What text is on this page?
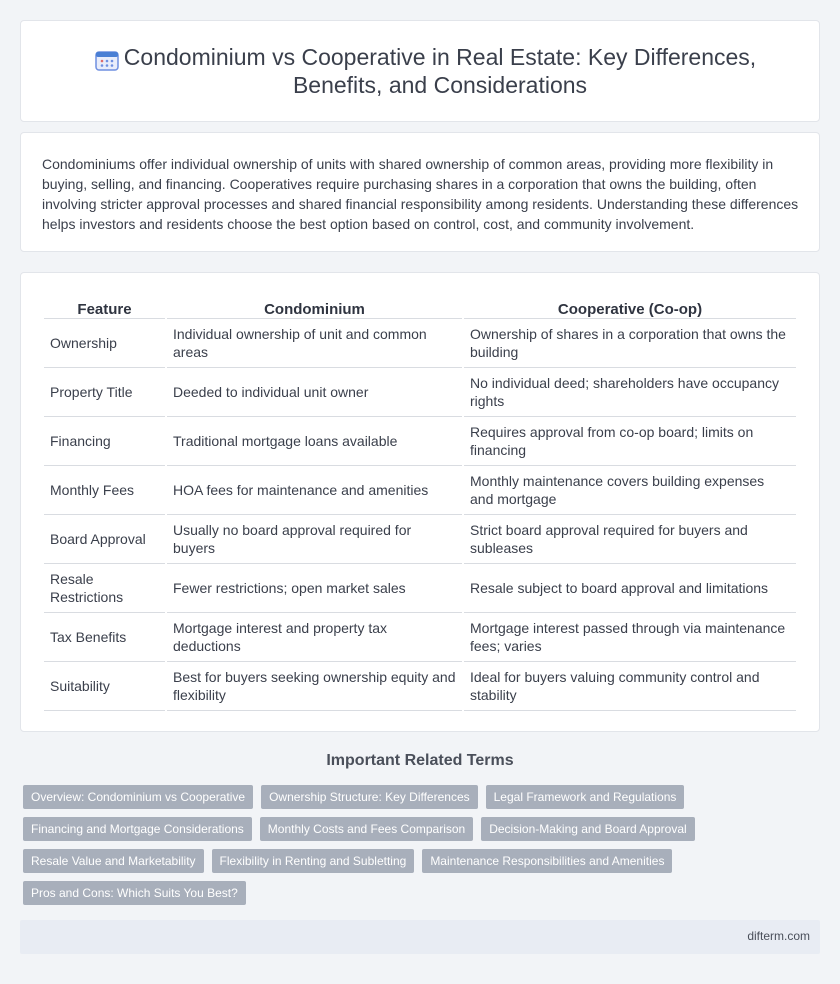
Condominium vs Cooperative in Real Estate: Key Differences, Benefits, and Considerations

Condominiums offer individual ownership of units with shared ownership of common areas, providing more flexibility in buying, selling, and financing. Cooperatives require purchasing shares in a corporation that owns the building, often involving stricter approval processes and shared financial responsibility among residents. Understanding these differences helps investors and residents choose the best option based on control, cost, and community involvement.

Feature	Condominium	Cooperative (Co-op)
Ownership	Individual ownership of unit and common areas	Ownership of shares in a corporation that owns the building
Property Title	Deeded to individual unit owner	No individual deed; shareholders have occupancy rights
Financing	Traditional mortgage loans available	Requires approval from co-op board; limits on financing
Monthly Fees	HOA fees for maintenance and amenities	Monthly maintenance covers building expenses and mortgage
Board Approval	Usually no board approval required for buyers	Strict board approval required for buyers and subleases
Resale Restrictions	Fewer restrictions; open market sales	Resale subject to board approval and limitations
Tax Benefits	Mortgage interest and property tax deductions	Mortgage interest passed through via maintenance fees; varies
Suitability	Best for buyers seeking ownership equity and flexibility	Ideal for buyers valuing community control and stability
Important Related Terms
Overview: Condominium vs Cooperative	Ownership Structure: Key Differences	Legal Framework and Regulations
Financing and Mortgage Considerations	Monthly Costs and Fees Comparison	Decision-Making and Board Approval
Resale Value and Marketability	Flexibility in Renting and Subletting	Maintenance Responsibilities and Amenities
Pros and Cons: Which Suits You Best?
difterm.com
